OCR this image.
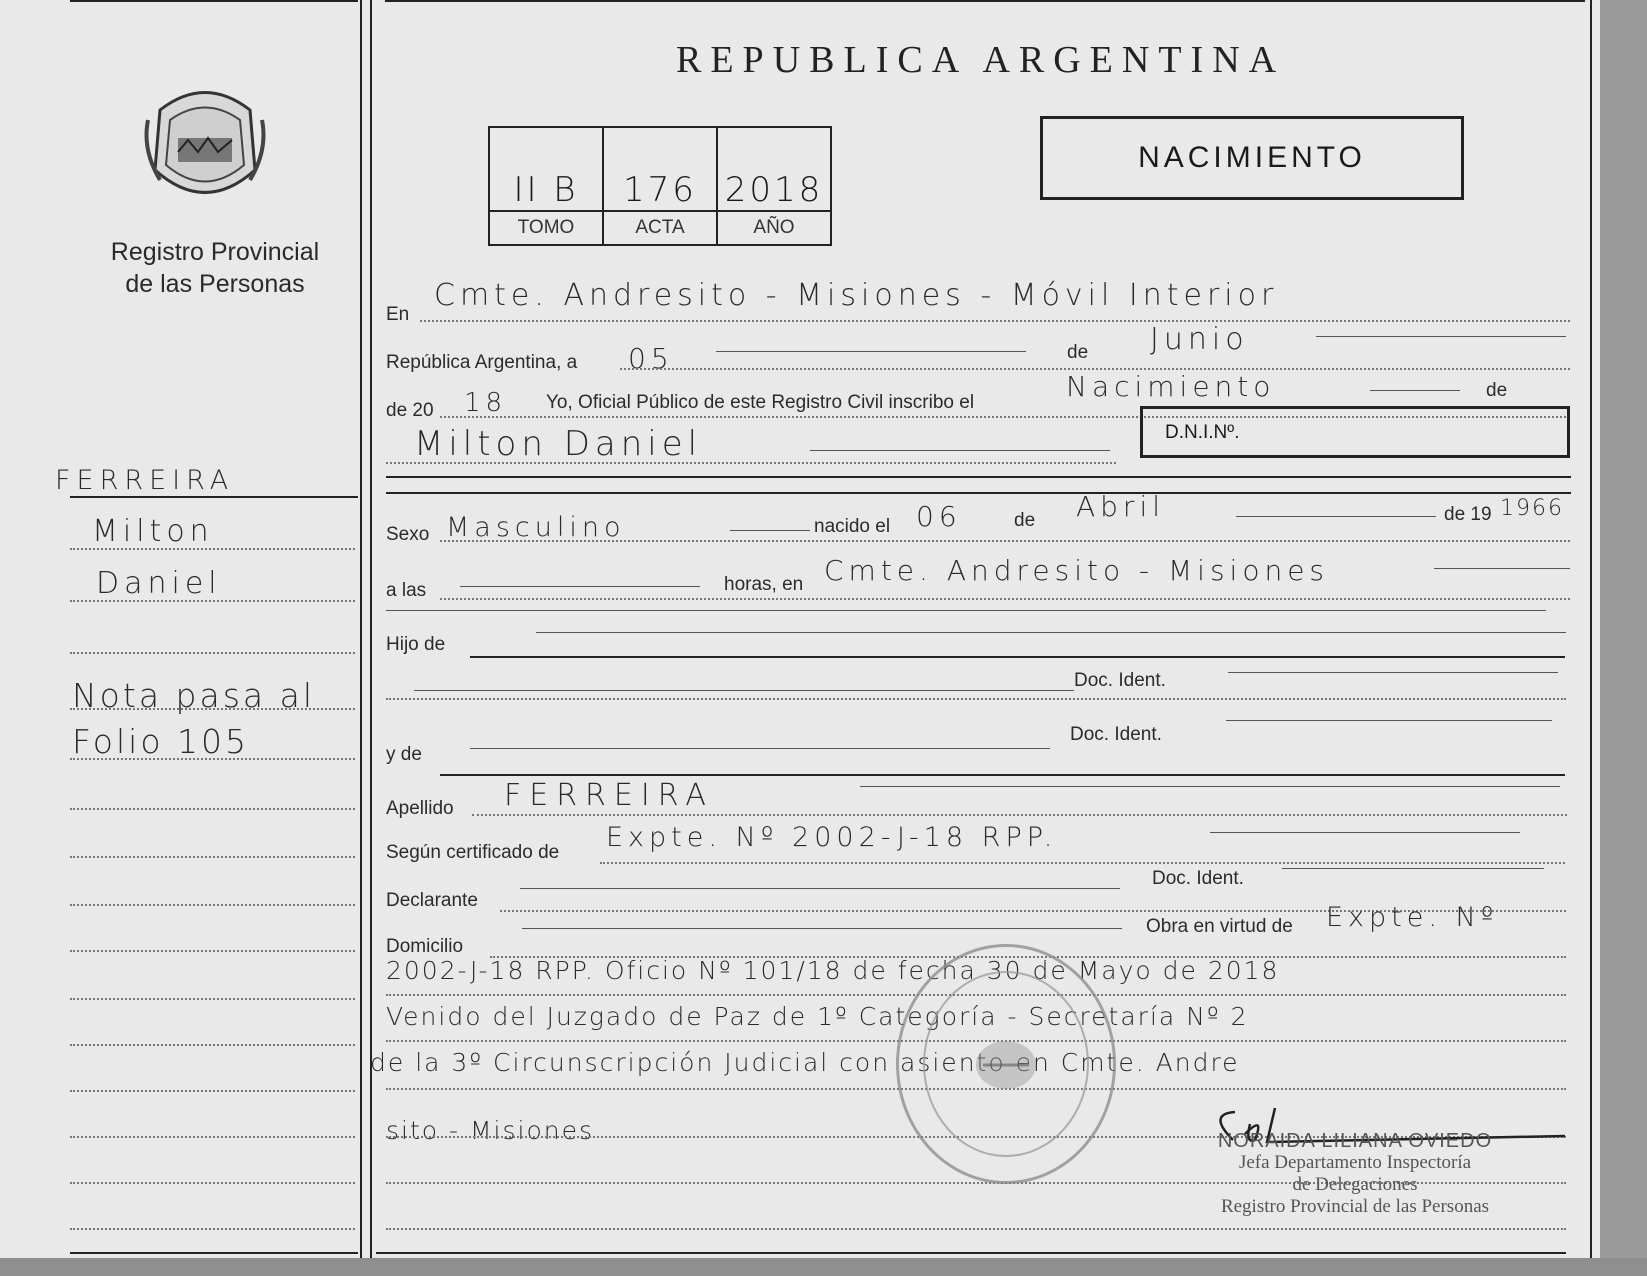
Registro Provincial
de las Personas
FERREIRA
Milton
Daniel
Nota pasa al
Folio 105
REPUBLICA ARGENTINA
II B	176	2018
TOMO	ACTA	AÑO
NACIMIENTO
En
Cmte. Andresito - Misiones - Móvil Interior
República Argentina, a 05	de Junio
de 20 18 Yo, Oficial Público de este Registro Civil inscribo el	Nacimiento	de
Milton Daniel	D.N.I.Nº.
Sexo Masculino	nacido el 06	de Abril	de 19 1966
a las	horas, en Cmte. Andresito - Misiones
Hijo de
Doc. Ident.
Doc. Ident.
y de
Apellido FERREIRA
Según certificado de Expte. Nº 2002-J-18 RPP.
Doc. Ident.
Declarante
Obra en virtud de Expte. Nº
Domicilio
2002-J-18 RPP. Oficio Nº 101/18 de fecha 30 de Mayo de 2018
Venido del Juzgado de Paz de 1º Categoría - Secretaría Nº 2
de la 3º Circunscripción Judicial con asiento en Cmte. Andre
sito - Misiones	NORAIDA LILIANA OVIEDO
Jefa Departamento Inspectoría
de Delegaciones
Registro Provincial de las Personas
